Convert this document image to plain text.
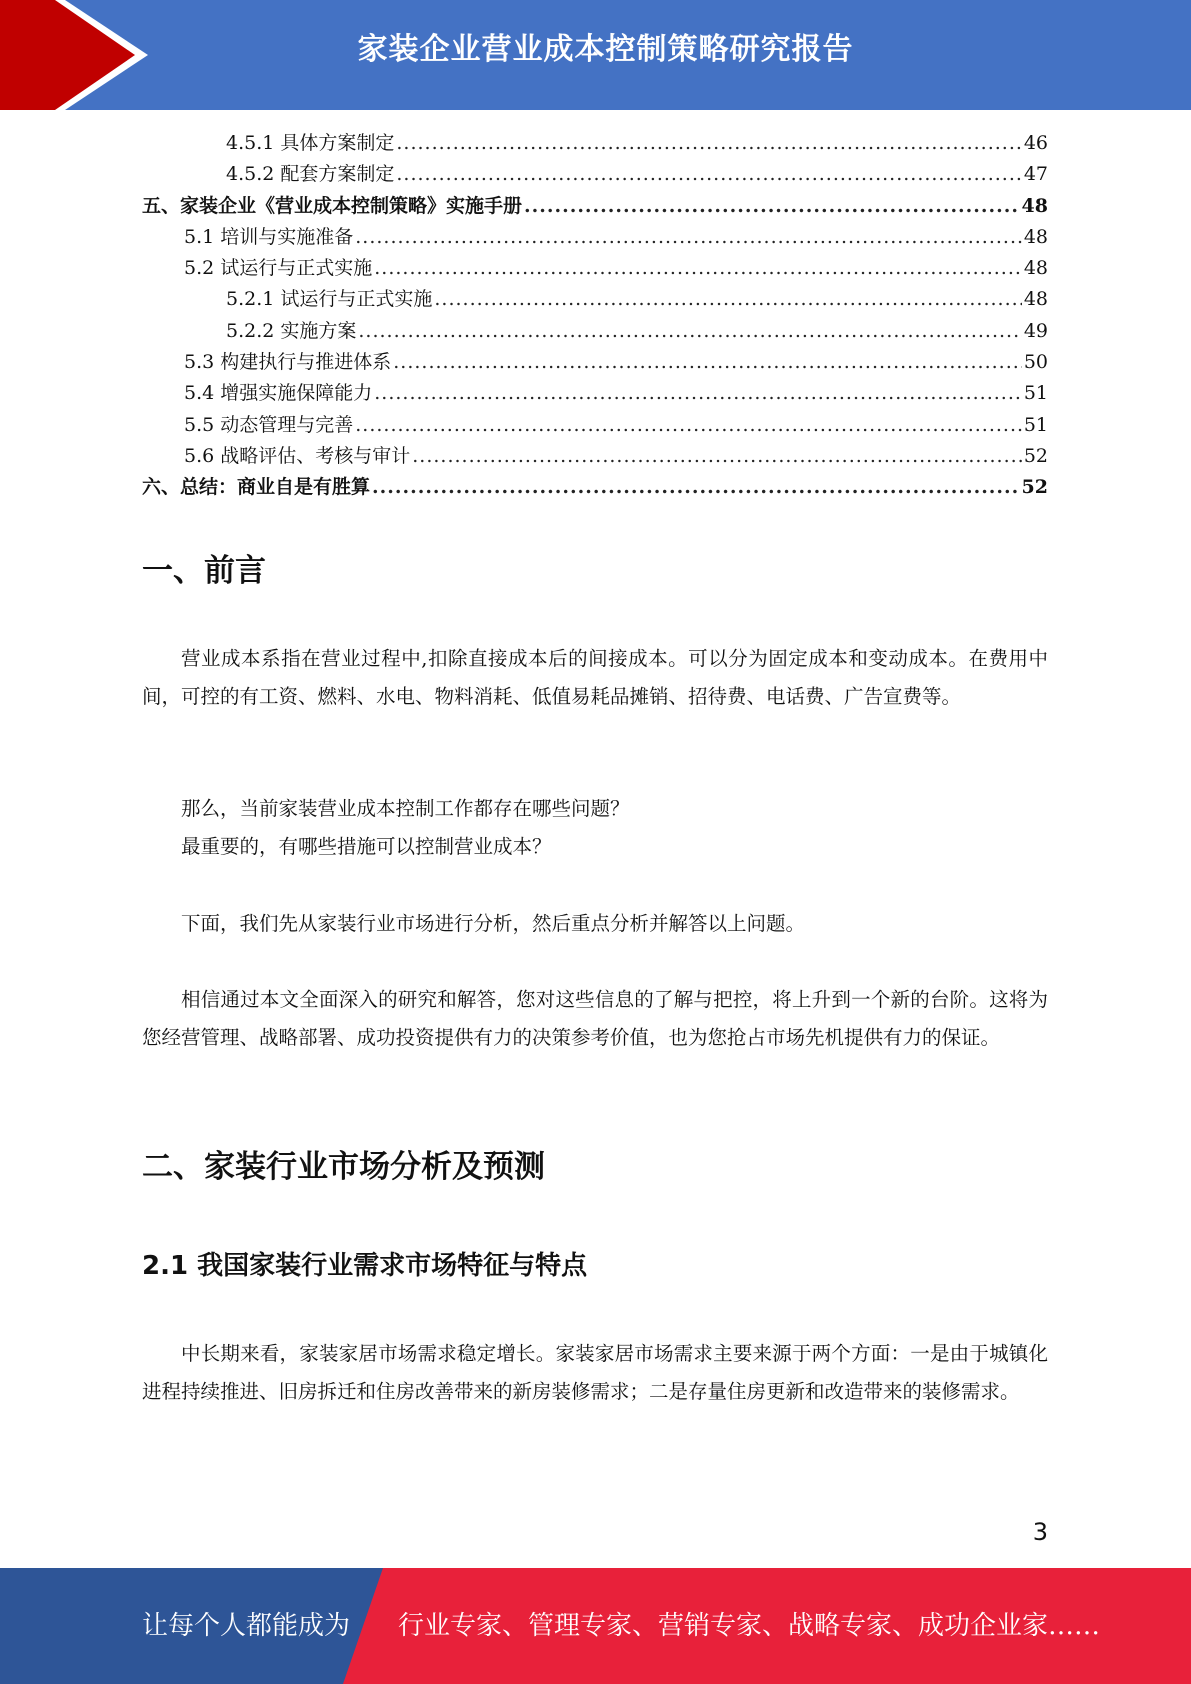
家装企业营业成本控制策略研究报告
4.5.1 具体方案制定 .....	46
4.5.2 配套方案制定 .....	47
五、家装企业《营业成本控制策略》实施手册 .....	48
5.1 培训与实施准备 .....	48
5.2 试运行与正式实施 .....	48
5.2.1 试运行与正式实施 .....	48
5.2.2 实施方案 .....	49
5.3 构建执行与推进体系 .....	50
5.4 增强实施保障能力 .....	51
5.5 动态管理与完善 .....	51
5.6 战略评估、考核与审计 .....	52
六、总结：商业自是有胜算 .....	52
一、前言

营业成本系指在营业过程中,扣除直接成本后的间接成本。可以分为固定成本和变动成本。在费用中间，可控的有工资、燃料、水电、物料消耗、低值易耗品摊销、招待费、电话费、广告宣费等。

那么，当前家装营业成本控制工作都存在哪些问题？

最重要的，有哪些措施可以控制营业成本？

下面，我们先从家装行业市场进行分析，然后重点分析并解答以上问题。

相信通过本文全面深入的研究和解答，您对这些信息的了解与把控，将上升到一个新的台阶。这将为您经营管理、战略部署、成功投资提供有力的决策参考价值，也为您抢占市场先机提供有力的保证。

二、家装行业市场分析及预测
2.1 我国家装行业需求市场特征与特点

中长期来看，家装家居市场需求稳定增长。家装家居市场需求主要来源于两个方面：一是由于城镇化进程持续推进、旧房拆迁和住房改善带来的新房装修需求；二是存量住房更新和改造带来的装修需求。

3
让每个人都能成为 行业专家、管理专家、营销专家、战略专家、成功企业家……
